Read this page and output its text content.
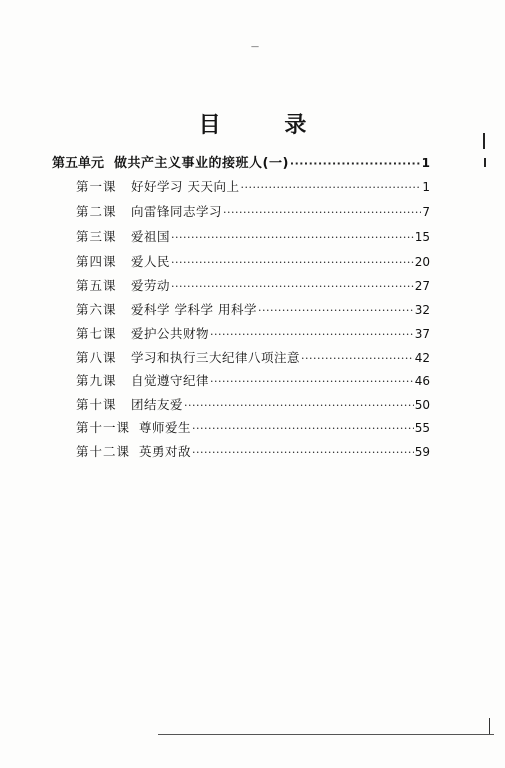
—
目 录
第五单元 做共产主义事业的接班人(一) ·····	1
第一课	好好学习 天天向上 ·····	1
第二课	向雷锋同志学习 ·····	7
第三课	爱祖国 ·····	15
第四课	爱人民 ·····	20
第五课	爱劳动 ·····	27
第六课	爱科学 学科学 用科学 ·····	32
第七课	爱护公共财物 ·····	37
第八课	学习和执行三大纪律八项注意 ·····	42
第九课	自觉遵守纪律 ·····	46
第十课	团结友爱 ·····	50
第十一课 尊师爱生 ·····	55
第十二课 英勇对敌 ·····	59
